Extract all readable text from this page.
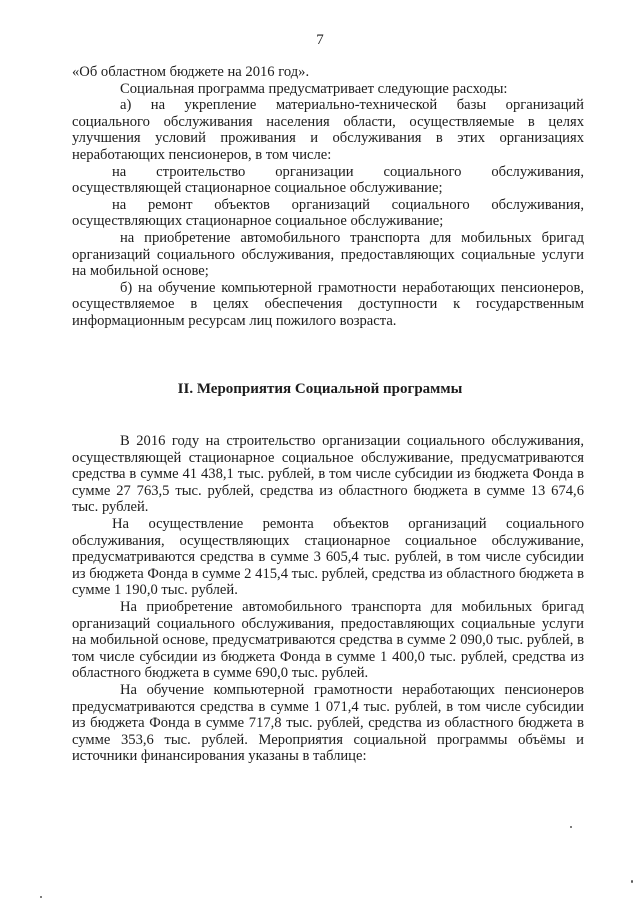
7

«Об областном бюджете на 2016 год».

Социальная программа предусматривает следующие расходы:

а) на укрепление материально-технической базы организаций социального обслуживания населения области, осуществляемые в целях улучшения условий проживания и обслуживания в этих организациях неработающих пенсионеров, в том числе:

на строительство организации социального обслуживания, осуществляющей стационарное социальное обслуживание;

на ремонт объектов организаций социального обслуживания, осуществляющих стационарное социальное обслуживание;

на приобретение автомобильного транспорта для мобильных бригад организаций социального обслуживания, предоставляющих социальные услуги на мобильной основе;

б) на обучение компьютерной грамотности неработающих пенсионеров, осуществляемое в целях обеспечения доступности к государственным информационным ресурсам лиц пожилого возраста.

II. Мероприятия Социальной программы

В 2016 году на строительство организации социального обслуживания, осуществляющей стационарное социальное обслуживание, предусматриваются средства в сумме 41 438,1 тыс. рублей, в том числе субсидии из бюджета Фонда в сумме 27 763,5 тыс. рублей, средства из областного бюджета в сумме 13 674,6 тыс. рублей.

На осуществление ремонта объектов организаций социального обслуживания, осуществляющих стационарное социальное обслуживание, предусматриваются средства в сумме 3 605,4 тыс. рублей, в том числе субсидии из бюджета Фонда в сумме 2 415,4 тыс. рублей, средства из областного бюджета в сумме 1 190,0 тыс. рублей.

На приобретение автомобильного транспорта для мобильных бригад организаций социального обслуживания, предоставляющих социальные услуги на мобильной основе, предусматриваются средства в сумме 2 090,0 тыс. рублей, в том числе субсидии из бюджета Фонда в сумме 1 400,0 тыс. рублей, средства из областного бюджета в сумме 690,0 тыс. рублей.

На обучение компьютерной грамотности неработающих пенсионеров предусматриваются средства в сумме 1 071,4 тыс. рублей, в том числе субсидии из бюджета Фонда в сумме 717,8 тыс. рублей, средства из областного бюджета в сумме 353,6 тыс. рублей. Мероприятия социальной программы объёмы и источники финансирования указаны в таблице:
